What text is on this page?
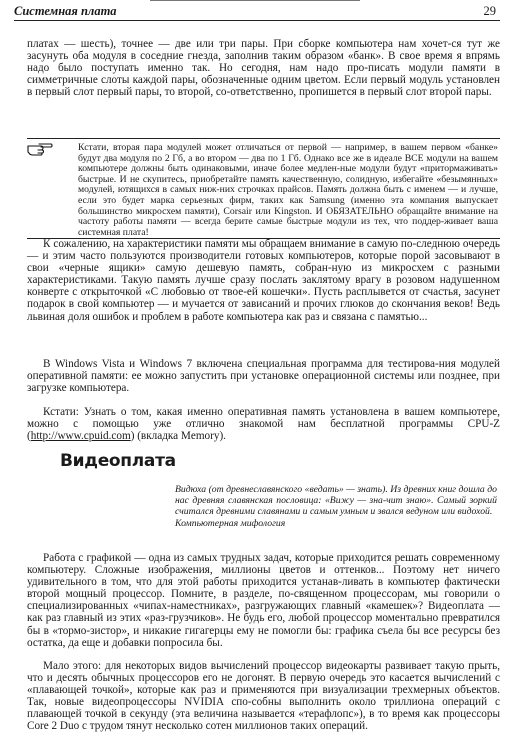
Системная плата	29

платах — шесть), точнее — две или три пары. При сборке компьютера нам хочет-ся тут же засунуть оба модуля в соседние гнезда, заполнив таким образом «банк». В свое время я впрямь надо было поступать именно так. Но сегодня, нам надо про-писать модули памяти в симметричные слоты каждой пары, обозначенные одним цветом. Если первый модуль установлен в первый слот первый пары, то второй, со-ответственно, пропишется в первый слот второй пары.

Кстати, вторая пара модулей может отличаться от первой — например, в вашем первом «банке» будут два модуля по 2 Гб, а во втором — два по 1 Гб. Однако все же в идеале ВСЕ модули на вашем компьютере должны быть одинаковыми, иначе более медлен-ные модули будут «притормаживать» быстрые. И не скупитесь, приобретайте память качественную, солидную, избегайте «безымянных» модулей, ютящихся в самых ниж-них строчках прайсов. Память должна быть с именем — и лучше, если это будет марка серьезных фирм, таких как Samsung (именно эта компания выпускает большинство микросхем памяти), Corsair или Kingston. И ОБЯЗАТЕЛЬНО обращайте внимание на частоту работы памяти — всегда берите самые быстрые модули из тех, что поддер-живает ваша системная плата!

К сожалению, на характеристики памяти мы обращаем внимание в самую по-следнюю очередь — и этим часто пользуются производители готовых компьютеров, которые порой засовывают в свои «черные ящики» самую дешевую память, собран-ную из микросхем с разными характеристиками. Такую память лучше сразу послать заклятому врагу в розовом надушенном конверте с открыточкой «С любовью от твое-ей кошечки». Пусть расплывется от счастья, засунет подарок в свой компьютер — и мучается от зависаний и прочих глюков до скончания веков! Ведь львиная доля ошибок и проблем в работе компьютера как раз и связана с памятью...

В Windows Vista и Windows 7 включена специальная программа для тестирова-ния модулей оперативной памяти: ее можно запустить при установке операционной системы или позднее, при загрузке компьютера.

Кстати: Узнать о том, какая именно оперативная память установлена в вашем компьютере, можно с помощью уже отлично знакомой нам бесплатной программы CPU-Z (http://www.cpuid.com) (вкладка Memory).

Видеоплата
Видюха (от древнеславянского «ведать» — знать). Из древних книг дошла до нас древняя славянская пословица: «Вижу — зна-чит знаю». Самый зоркий считался древними славянами и самым умным и звался ведуном или видохой.
Компьютерная мифология

Работа с графикой — одна из самых трудных задач, которые приходится решать современному компьютеру. Сложные изображения, миллионы цветов и оттенков... Поэтому нет ничего удивительного в том, что для этой работы приходится устанав-ливать в компьютер фактически второй мощный процессор. Помните, в разделе, по-священном процессорам, мы говорили о специализированных «чипах-наместниках», разгружающих главный «камешек»? Видеоплата — как раз главный из этих «раз-грузчиков». Не будь его, любой процессор моментально превратился бы в «тормо-зистор», и никакие гигагерцы ему не помогли бы: графика съела бы все ресурсы без остатка, да еще и добавки попросила бы.

Мало этого: для некоторых видов вычислений процессор видеокарты развивает такую прыть, что и десять обычных процессоров его не догонят. В первую очередь это касается вычислений с «плавающей точкой», которые как раз и применяются при визуализации трехмерных объектов. Так, новые видеопроцессоры NVIDIA спо-собны выполнить около триллиона операций с плавающей точкой в секунду (эта величина называется «терафлопс»), в то время как процессоры Core 2 Duo с трудом тянут несколько сотен миллионов таких операций.
